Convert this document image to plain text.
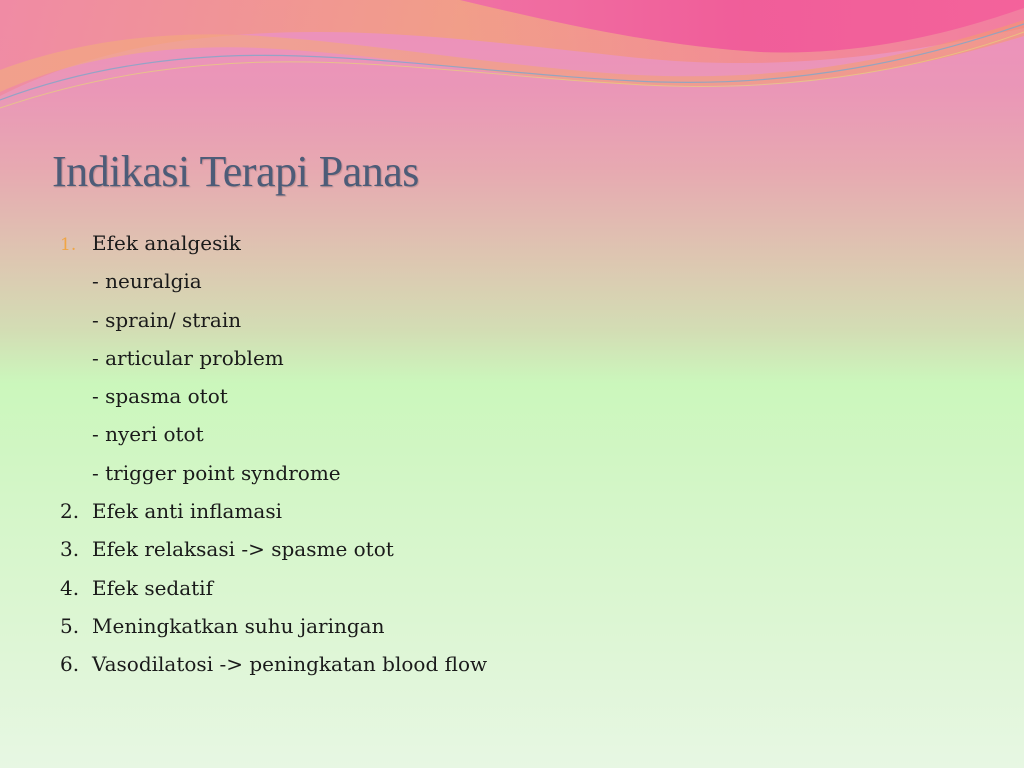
Indikasi Terapi Panas
1. Efek analgesik
- neuralgia
- sprain/ strain
- articular problem
- spasma otot
- nyeri otot
- trigger point syndrome
2. Efek anti inflamasi
3. Efek relaksasi -> spasme otot
4. Efek sedatif
5. Meningkatkan suhu jaringan
6. Vasodilatosi -> peningkatan blood flow
